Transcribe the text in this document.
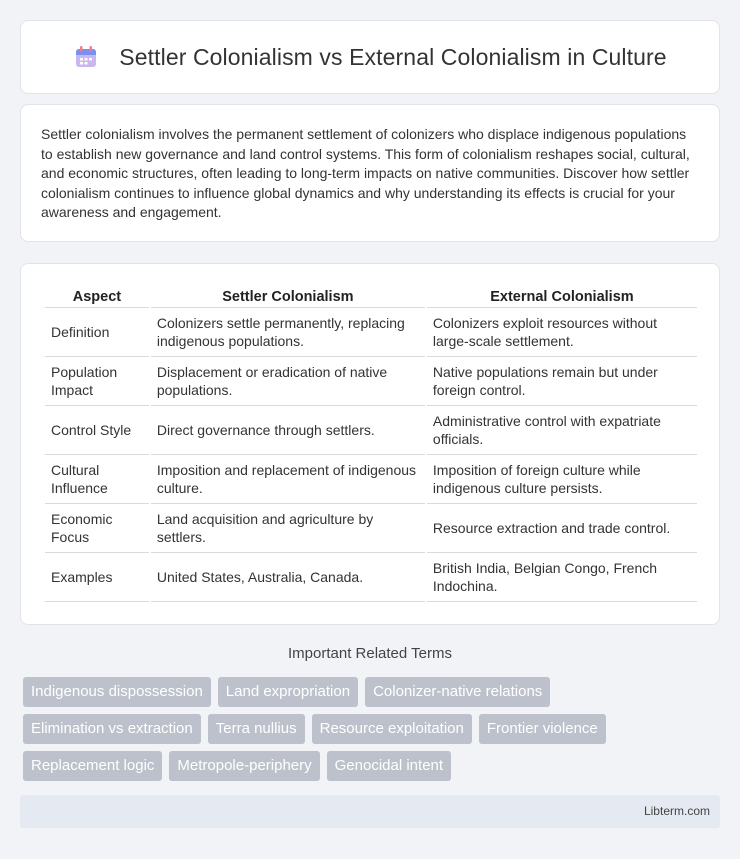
Settler Colonialism vs External Colonialism in Culture

Settler colonialism involves the permanent settlement of colonizers who displace indigenous populations to establish new governance and land control systems. This form of colonialism reshapes social, cultural, and economic structures, often leading to long-term impacts on native communities. Discover how settler colonialism continues to influence global dynamics and why understanding its effects is crucial for your awareness and engagement.

Aspect	Settler Colonialism	External Colonialism
Definition	Colonizers settle permanently, replacing indigenous populations.	Colonizers exploit resources without large-scale settlement.
Population Impact	Displacement or eradication of native populations.	Native populations remain but under foreign control.
Control Style	Direct governance through settlers.	Administrative control with expatriate officials.
Cultural Influence	Imposition and replacement of indigenous culture.	Imposition of foreign culture while indigenous culture persists.
Economic Focus	Land acquisition and agriculture by settlers.	Resource extraction and trade control.
Examples	United States, Australia, Canada.	British India, Belgian Congo, French Indochina.
Important Related Terms
Indigenous dispossession	Land expropriation	Colonizer-native relations
Elimination vs extraction	Terra nullius	Resource exploitation	Frontier violence
Replacement logic	Metropole-periphery	Genocidal intent
Libterm.com
